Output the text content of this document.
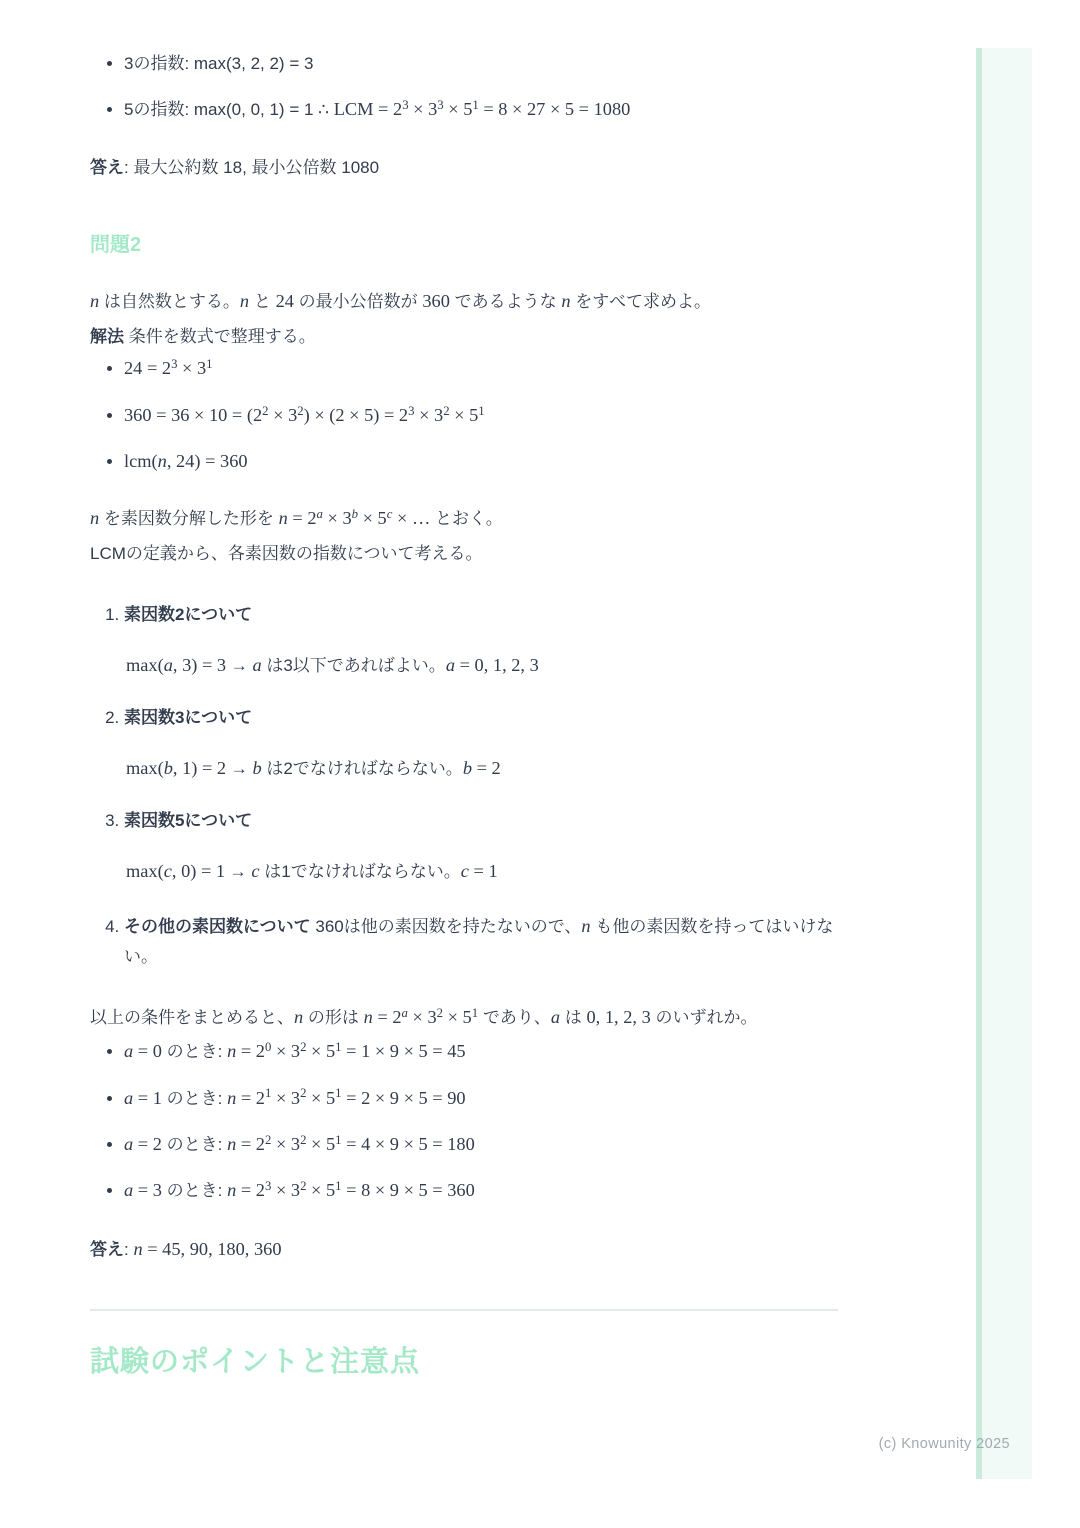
• 3の指数: max(3, 2, 2) = 3
• 5の指数: max(0, 0, 1) = 1 ∴ LCM = $2^3 \times 3^3 \times 5^1 = 8 \times 27 \times 5 = 1080$

答え: 最大公約数 18, 最小公倍数 1080

問題2

n は自然数とする。n と 24 の最小公倍数が 360 であるような n をすべて求めよ。

解法 条件を数式で整理する。

• $24 = 2^3 \times 3^1$
• $360 = 36 \times 10 = (2^2 \times 3^2) \times (2 \times 5) = 2^3 \times 3^2 \times 5^1$
• lcm(n, 24) = 360

n を素因数分解した形を $n = 2^a \times 3^b \times 5^c$ × … とおく。

LCMの定義から、各素因数の指数について考える。

1. 素因数2について
max(a, 3) = 3 → a は3以下であればよい。a = 0, 1, 2, 3
2. 素因数3について
max(b, 1) = 2 → b は2でなければならない。b = 2
3. 素因数5について
max(c, 0) = 1 → c は1でなければならない。c = 1
4. その他の素因数について 360は他の素因数を持たないので、n も他の素因数を持ってはいけない。

以上の条件をまとめると、n の形は $n = 2^a \times 3^2 \times 5^1$ であり、a は 0, 1, 2, 3 のいずれか。

• a = 0 のとき: $n = 2^0 \times 3^2 \times 5^1 = 1 \times 9 \times 5 = 45$
• a = 1 のとき: $n = 2^1 \times 3^2 \times 5^1 = 2 \times 9 \times 5 = 90$
• a = 2 のとき: $n = 2^2 \times 3^2 \times 5^1 = 4 \times 9 \times 5 = 180$
• a = 3 のとき: $n = 2^3 \times 3^2 \times 5^1 = 8 \times 9 \times 5 = 360$

答え: n = 45, 90, 180, 360

試験のポイントと注意点
(c) Knowunity 2025
